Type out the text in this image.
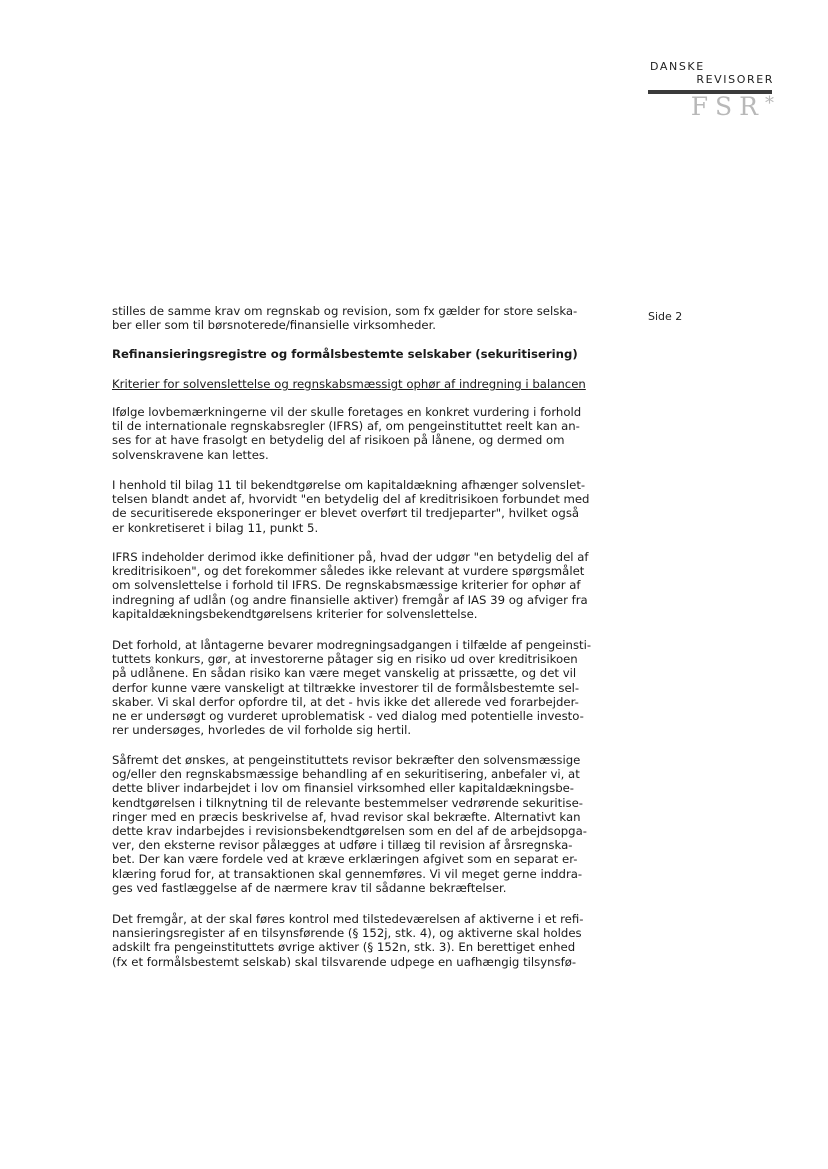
DANSKE
REVISORER
FSR*
Side 2
stilles de samme krav om regnskab og revision, som fx gælder for store selska-
ber eller som til børsnoterede/finansielle virksomheder.
Refinansieringsregistre og formålsbestemte selskaber (sekuritisering)
Kriterier for solvenslettelse og regnskabsmæssigt ophør af indregning i balancen
Ifølge lovbemærkningerne vil der skulle foretages en konkret vurdering i forhold
til de internationale regnskabsregler (IFRS) af, om pengeinstituttet reelt kan an-
ses for at have frasolgt en betydelig del af risikoen på lånene, og dermed om
solvenskravene kan lettes.
I henhold til bilag 11 til bekendtgørelse om kapitaldækning afhænger solvenslet-
telsen blandt andet af, hvorvidt "en betydelig del af kreditrisikoen forbundet med
de securitiserede eksponeringer er blevet overført til tredjeparter", hvilket også
er konkretiseret i bilag 11, punkt 5.
IFRS indeholder derimod ikke definitioner på, hvad der udgør "en betydelig del af
kreditrisikoen", og det forekommer således ikke relevant at vurdere spørgsmålet
om solvenslettelse i forhold til IFRS. De regnskabsmæssige kriterier for ophør af
indregning af udlån (og andre finansielle aktiver) fremgår af IAS 39 og afviger fra
kapitaldækningsbekendtgørelsens kriterier for solvenslettelse.
Det forhold, at låntagerne bevarer modregningsadgangen i tilfælde af pengeinsti-
tuttets konkurs, gør, at investorerne påtager sig en risiko ud over kreditrisikoen
på udlånene. En sådan risiko kan være meget vanskelig at prissætte, og det vil
derfor kunne være vanskeligt at tiltrække investorer til de formålsbestemte sel-
skaber. Vi skal derfor opfordre til, at det - hvis ikke det allerede ved forarbejder-
ne er undersøgt og vurderet uproblematisk - ved dialog med potentielle investo-
rer undersøges, hvorledes de vil forholde sig hertil.
Såfremt det ønskes, at pengeinstituttets revisor bekræfter den solvensmæssige
og/eller den regnskabsmæssige behandling af en sekuritisering, anbefaler vi, at
dette bliver indarbejdet i lov om finansiel virksomhed eller kapitaldækningsbe-
kendtgørelsen i tilknytning til de relevante bestemmelser vedrørende sekuritise-
ringer med en præcis beskrivelse af, hvad revisor skal bekræfte. Alternativt kan
dette krav indarbejdes i revisionsbekendtgørelsen som en del af de arbejdsopga-
ver, den eksterne revisor pålægges at udføre i tillæg til revision af årsregnska-
bet. Der kan være fordele ved at kræve erklæringen afgivet som en separat er-
klæring forud for, at transaktionen skal gennemføres. Vi vil meget gerne inddra-
ges ved fastlæggelse af de nærmere krav til sådanne bekræftelser.
Det fremgår, at der skal føres kontrol med tilstedeværelsen af aktiverne i et refi-
nansieringsregister af en tilsynsførende (§ 152j, stk. 4), og aktiverne skal holdes
adskilt fra pengeinstituttets øvrige aktiver (§ 152n, stk. 3). En berettiget enhed
(fx et formålsbestemt selskab) skal tilsvarende udpege en uafhængig tilsynsfø-
